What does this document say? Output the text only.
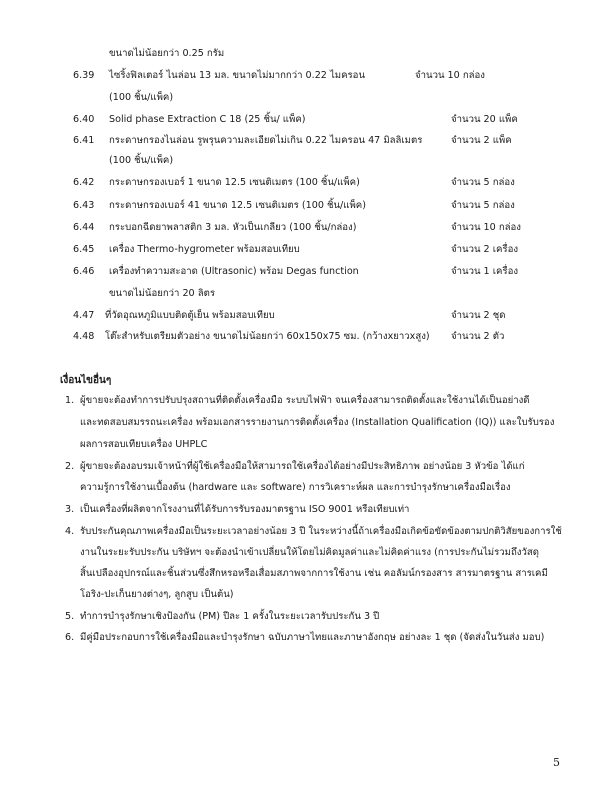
ขนาดไม่น้อยกว่า 0.25 กรัม
6.39 ไซริ้งฟิลเตอร์ ไนล่อน 13 มล. ขนาดไม่มากกว่า 0.22 ไมครอน	จำนวน 10 กล่อง
(100 ชิ้น/แพ็ค)
6.40 Solid phase Extraction C 18 (25 ชิ้น/ แพ็ค)	จำนวน 20 แพ็ค
6.41 กระดาษกรองไนล่อน รูพรุนความละเอียดไม่เกิน 0.22 ไมครอน 47 มิลลิเมตร	จำนวน 2 แพ็ค
(100 ชิ้น/แพ็ค)
6.42 กระดาษกรองเบอร์ 1 ขนาด 12.5 เซนติเมตร (100 ชิ้น/แพ็ค)	จำนวน 5 กล่อง
6.43 กระดาษกรองเบอร์ 41 ขนาด 12.5 เซนติเมตร (100 ชิ้น/แพ็ค)	จำนวน 5 กล่อง
6.44 กระบอกฉีดยาพลาสติก 3 มล. หัวเป็นเกลียว (100 ชิ้น/กล่อง)	จำนวน 10 กล่อง
6.45 เครื่อง Thermo-hygrometer พร้อมสอบเทียบ	จำนวน 2 เครื่อง
6.46 เครื่องทำความสะอาด (Ultrasonic) พร้อม Degas function	จำนวน 1 เครื่อง
ขนาดไม่น้อยกว่า 20 ลิตร
4.47 ที่วัดอุณหภูมิแบบติดตู้เย็น พร้อมสอบเทียบ	จำนวน 2 ชุด
4.48 โต๊ะสำหรับเตรียมตัวอย่าง ขนาดไม่น้อยกว่า 60x150x75 ซม. (กว้างxยาวxสูง) จำนวน 2 ตัว
เงื่อนไขอื่นๆ
1. ผู้ขายจะต้องทำการปรับปรุงสถานที่ติดตั้งเครื่องมือ ระบบไฟฟ้า จนเครื่องสามารถติดตั้งและใช้งานได้เป็นอย่างดี
และทดสอบสมรรถนะเครื่อง พร้อมเอกสารรายงานการติดตั้งเครื่อง (Installation Qualification (IQ)) และใบรับรอง
ผลการสอบเทียบเครื่อง UHPLC
2. ผู้ขายจะต้องอบรมเจ้าหน้าที่ผู้ใช้เครื่องมือให้สามารถใช้เครื่องได้อย่างมีประสิทธิภาพ อย่างน้อย 3 หัวข้อ ได้แก่
ความรู้การใช้งานเบื้องต้น (hardware และ software) การวิเคราะห์ผล และการบำรุงรักษาเครื่องมือเรื่อง
3. เป็นเครื่องที่ผลิตจากโรงงานที่ได้รับการรับรองมาตรฐาน ISO 9001 หรือเทียบเท่า
4. รับประกันคุณภาพเครื่องมือเป็นระยะเวลาอย่างน้อย 3 ปี ในระหว่างนี้ถ้าเครื่องมือเกิดข้อขัดข้องตามปกติวิสัยของการใช้
งานในระยะรับประกัน บริษัทฯ จะต้องนำเข้าเปลี่ยนให้โดยไม่คิดมูลค่าและไม่คิดค่าแรง (การประกันไม่รวมถึงวัสดุ
สิ้นเปลืองอุปกรณ์และชิ้นส่วนซึ่งสึกหรอหรือเสื่อมสภาพจากการใช้งาน เช่น คอลัมน์กรองสาร สารมาตรฐาน สารเคมี
โอริง-ปะเก็นยางต่างๆ, ลูกสูบ เป็นต้น)
5. ทำการบำรุงรักษาเชิงป้องกัน (PM) ปีละ 1 ครั้งในระยะเวลารับประกัน 3 ปี
6. มีคู่มือประกอบการใช้เครื่องมือและบำรุงรักษา ฉบับภาษาไทยและภาษาอังกฤษ อย่างละ 1 ชุด (จัดส่งในวันส่ง มอบ)
5
